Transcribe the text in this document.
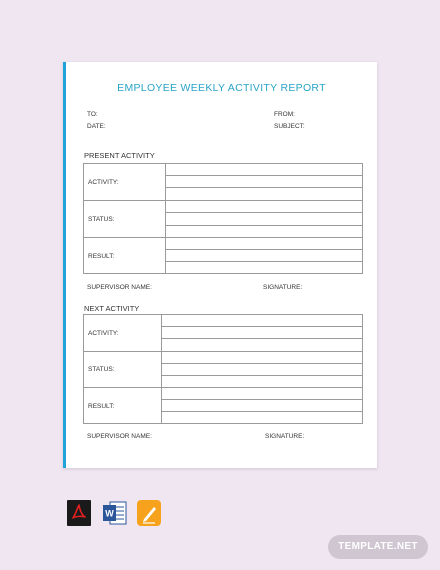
EMPLOYEE WEEKLY ACTIVITY REPORT
TO:
DATE:
FROM:
SUBJECT:
PRESENT ACTIVITY
ACTIVITY:
STATUS:
RESULT:
SUPERVISOR NAME:	SIGNATURE:
NEXT ACTIVITY
ACTIVITY:
STATUS:
RESULT:
SUPERVISOR NAME:	SIGNATURE:
W
TEMPLATE.NET
